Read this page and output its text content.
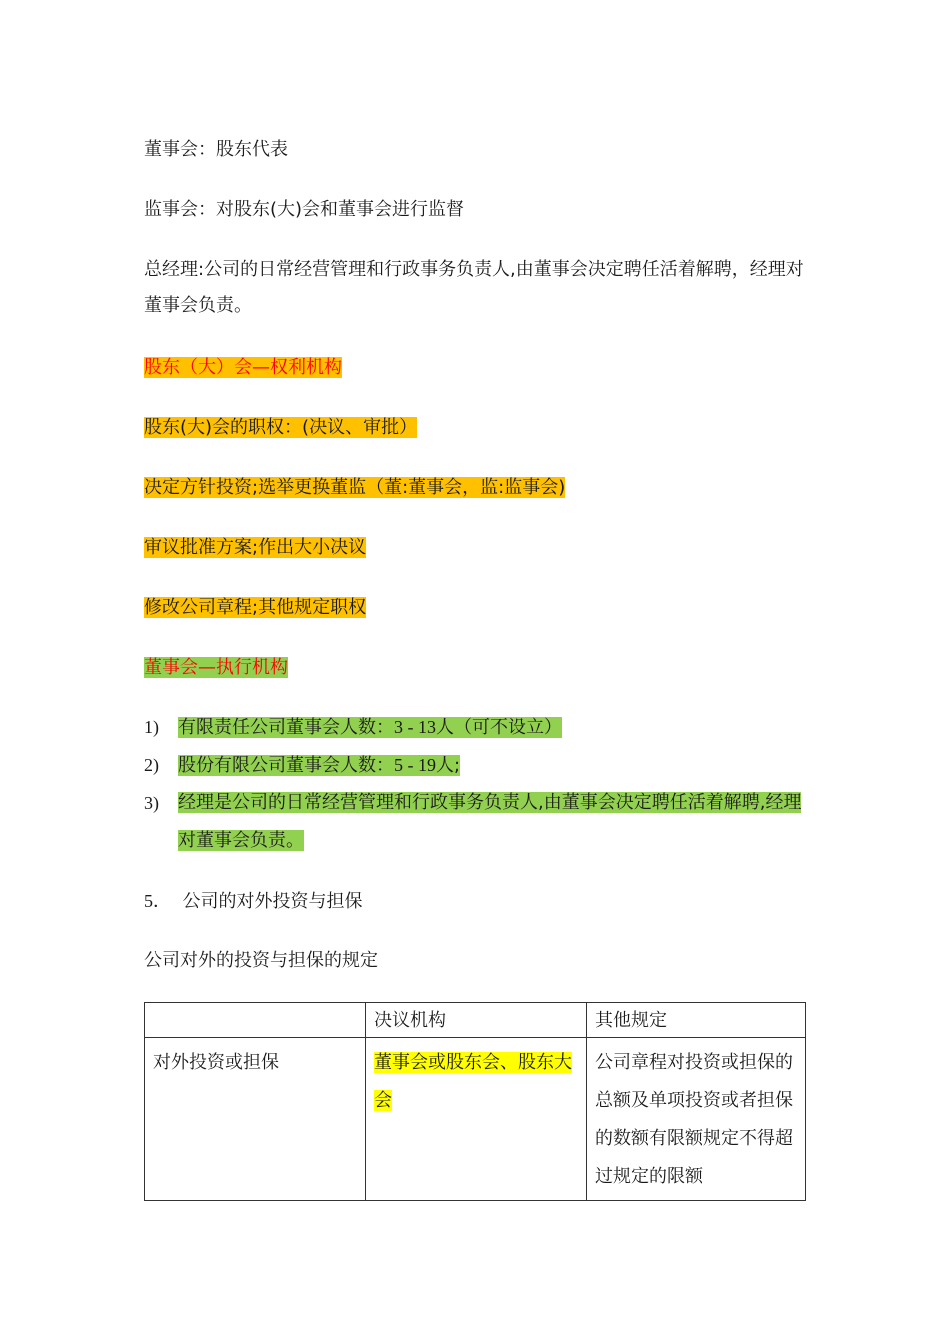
董事会：股东代表

监事会：对股东(大)会和董事会进行监督

总经理:公司的日常经营管理和行政事务负责人,由董事会决定聘任活着解聘，经理对董事会负责。

股东（大）会—权利机构

股东(大)会的职权：(决议、审批）

决定方针投资;选举更换董监（董:董事会，监:监事会)

审议批准方案;作出大小决议

修改公司章程;其他规定职权

董事会—执行机构

1) 有限责任公司董事会人数：3 - 13人（可不设立）
2) 股份有限公司董事会人数：5 - 19人;
3) 经理是公司的日常经营管理和行政事务负责人,由董事会决定聘任活着解聘,经理对董事会负责。

5． 公司的对外投资与担保

公司对外的投资与担保的规定

	决议机构	其他规定
对外投资或担保	董事会或股东会、股东大会	公司章程对投资或担保的总额及单项投资或者担保的数额有限额规定不得超过规定的限额
